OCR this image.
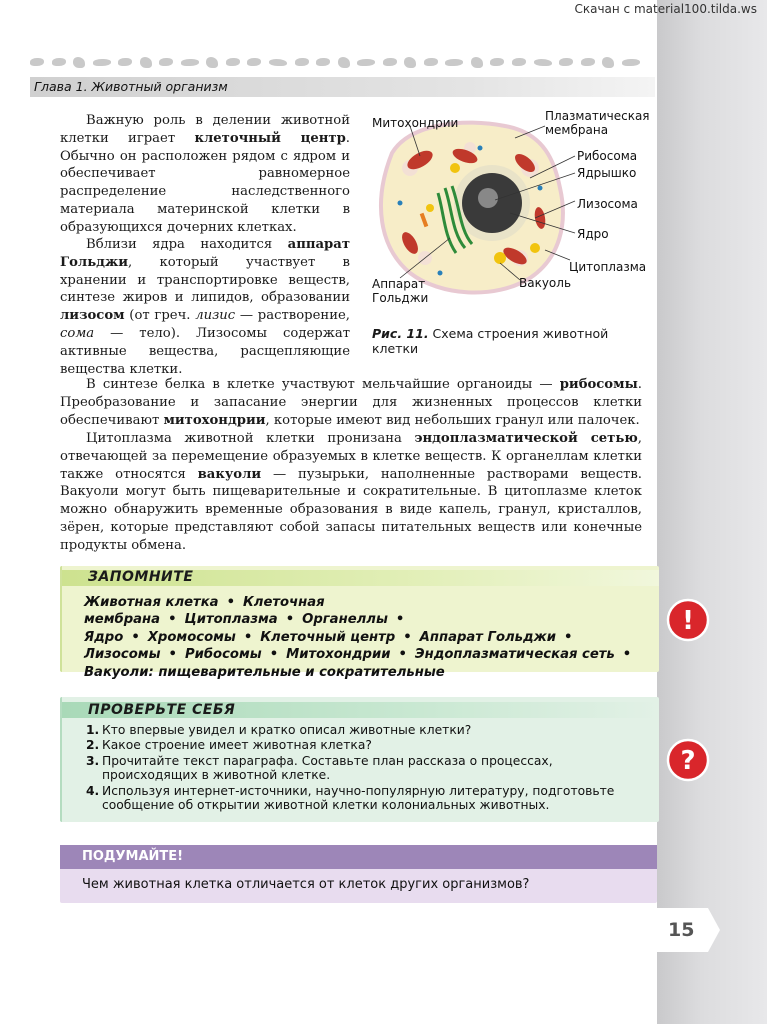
Скачан с material100.tilda.ws
Глава 1. Животный организм

Важную роль в делении животной клетки играет клеточный центр. Обычно он расположен рядом с ядром и обеспечивает равномерное распределение наследственного материала материнской клетки в образующихся дочерних клетках.

Вблизи ядра находится аппарат Гольджи, который участвует в хранении и транспортировке веществ, синтезе жиров и липидов, образовании лизосом (от греч. лизис — растворение, сома — тело). Лизосомы содержат активные вещества, расщепляющие вещества клетки.

Митохондрии	Плазматическая
мембрана
Рибосома
Ядрышко
Лизосома
Ядро
Цитоплазма
Вакуоль
Аппарат
Гольджи
Рис. 11. Схема строения животной клетки

В синтезе белка в клетке участвуют мельчайшие органоиды — рибосомы. Преобразование и запасание энергии для жизненных процессов клетки обеспечивают митохондрии, которые имеют вид небольших гранул или палочек.

Цитоплазма животной клетки пронизана эндоплазматической сетью, отвечающей за перемещение образуемых в клетке веществ. К органеллам клетки также относятся вакуоли — пузырьки, наполненные растворами веществ. Вакуоли могут быть пищеварительные и сократительные. В цитоплазме клеток можно обнаружить временные образования в виде капель, гранул, кристаллов, зёрен, которые представляют собой запасы питательных веществ или конечные продукты обмена.

ЗАПОМНИТЕ
Животная клетка • Клеточная мембрана • Цитоплазма • Органеллы •
Ядро • Хромосомы • Клеточный центр • Аппарат Гольджи •
Лизосомы • Рибосомы • Митохондрии • Эндоплазматическая сеть •
Вакуоли: пищеварительные и сократительные
!
ПРОВЕРЬТЕ СЕБЯ
1. Кто впервые увидел и кратко описал животные клетки?
2. Какое строение имеет животная клетка?
3. Прочитайте текст параграфа. Составьте план рассказа о процессах, происходящих в животной клетке.
4. Используя интернет-источники, научно-популярную литературу, подготовьте сообщение об открытии животной клетки колониальных животных.
?
ПОДУМАЙТЕ!
Чем животная клетка отличается от клеток других организмов?
15
